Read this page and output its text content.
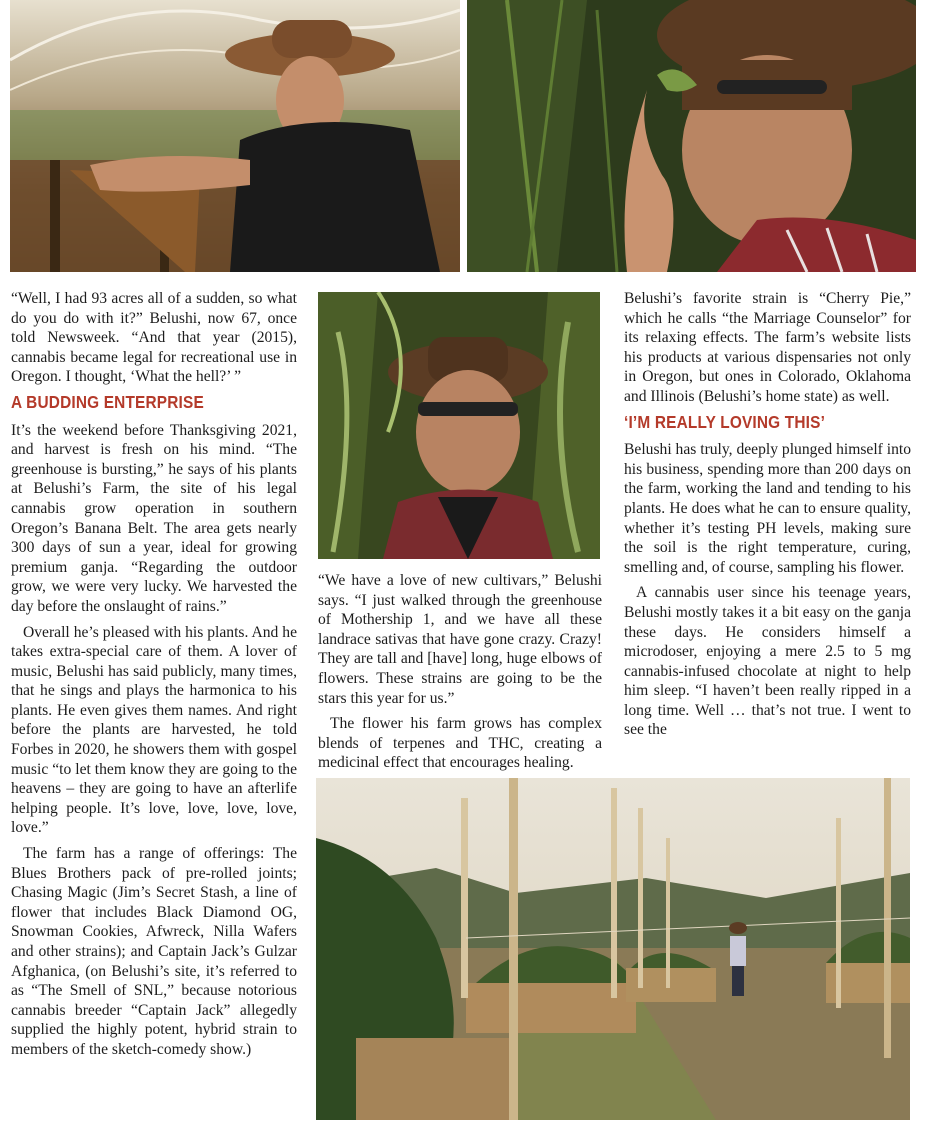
“Well, I had 93 acres all of a sudden, so what do you do with it?” Belushi, now 67, once told Newsweek. “And that year (2015), cannabis became legal for recreational use in Oregon. I thought, ‘What the hell?’ ”

A BUDDING ENTERPRISE

It’s the weekend before Thanksgiving 2021, and harvest is fresh on his mind. “The greenhouse is bursting,” he says of his plants at Belushi’s Farm, the site of his legal cannabis grow operation in southern Oregon’s Banana Belt. The area gets nearly 300 days of sun a year, ideal for growing premium ganja. “Regarding the outdoor grow, we were very lucky. We harvested the day before the onslaught of rains.”

Overall he’s pleased with his plants. And he takes extra-special care of them. A lover of music, Belushi has said publicly, many times, that he sings and plays the harmonica to his plants. He even gives them names. And right before the plants are harvested, he told Forbes in 2020, he showers them with gospel music “to let them know they are going to the heavens – they are going to have an afterlife helping people. It’s love, love, love, love, love.”

The farm has a range of offerings: The Blues Brothers pack of pre-rolled joints; Chasing Magic (Jim’s Secret Stash, a line of flower that includes Black Diamond OG, Snowman Cookies, Afwreck, Nilla Wafers and other strains); and Captain Jack’s Gulzar Afghanica, (on Belushi’s site, it’s referred to as “The Smell of SNL,” because notorious cannabis breeder “Captain Jack” allegedly supplied the highly potent, hybrid strain to members of the sketch-comedy show.)

“We have a love of new cultivars,” Belushi says. “I just walked through the greenhouse of Mothership 1, and we have all these landrace sativas that have gone crazy. Crazy! They are tall and [have] long, huge elbows of flowers. These strains are going to be the stars this year for us.”

The flower his farm grows has complex blends of terpenes and THC, creating a medicinal effect that encourages healing.

Belushi’s favorite strain is “Cherry Pie,” which he calls “the Marriage Counselor” for its relaxing effects. The farm’s website lists his products at various dispensaries not only in Oregon, but ones in Colorado, Oklahoma and Illinois (Belushi’s home state) as well.

‘I’M REALLY LOVING THIS’

Belushi has truly, deeply plunged himself into his business, spending more than 200 days on the farm, working the land and tending to his plants. He does what he can to ensure quality, whether it’s testing PH levels, making sure the soil is the right temperature, curing, smelling and, of course, sampling his flower.

A cannabis user since his teenage years, Belushi mostly takes it a bit easy on the ganja these days. He considers himself a microdoser, enjoying a mere 2.5 to 5 mg cannabis-infused chocolate at night to help him sleep. “I haven’t been really ripped in a long time. Well … that’s not true. I went to see the
